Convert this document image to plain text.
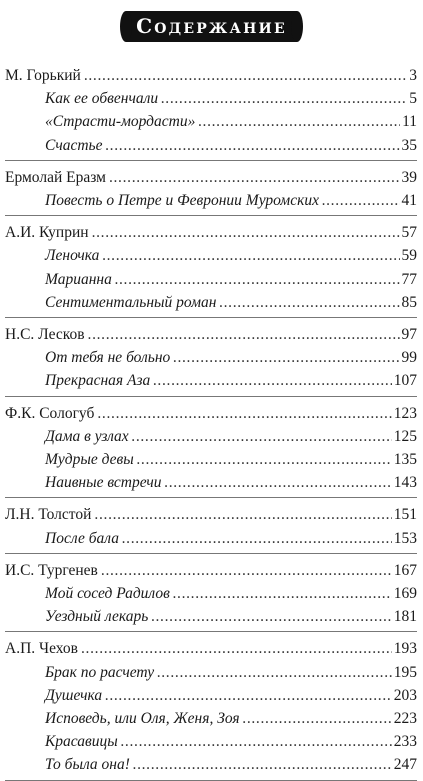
Содержание
М. Горький . . .	3
Как ее обвенчали . . .	5
«Страсти-мордасти» . . .	11
Счастье . . .	35
Ермолай Еразм . . .	39
Повесть о Петре и Февронии Муромских . . .	41
А.И. Куприн . . .	57
Леночка . . .	59
Марианна . . .	77
Сентиментальный роман . . .	85
Н.С. Лесков . . .	97
От тебя не больно . . .	99
Прекрасная Аза . . .	107
Ф.К. Сологуб . . .	123
Дама в узлах . . .	125
Мудрые девы . . .	135
Наивные встречи . . .	143
Л.Н. Толстой . . .	151
После бала . . .	153
И.С. Тургенев . . .	167
Мой сосед Радилов . . .	169
Уездный лекарь . . .	181
А.П. Чехов . . .	193
Брак по расчету . . .	195
Душечка . . .	203
Исповедь, или Оля, Женя, Зоя . . .	223
Красавицы . . .	233
То была она! . . .	247
